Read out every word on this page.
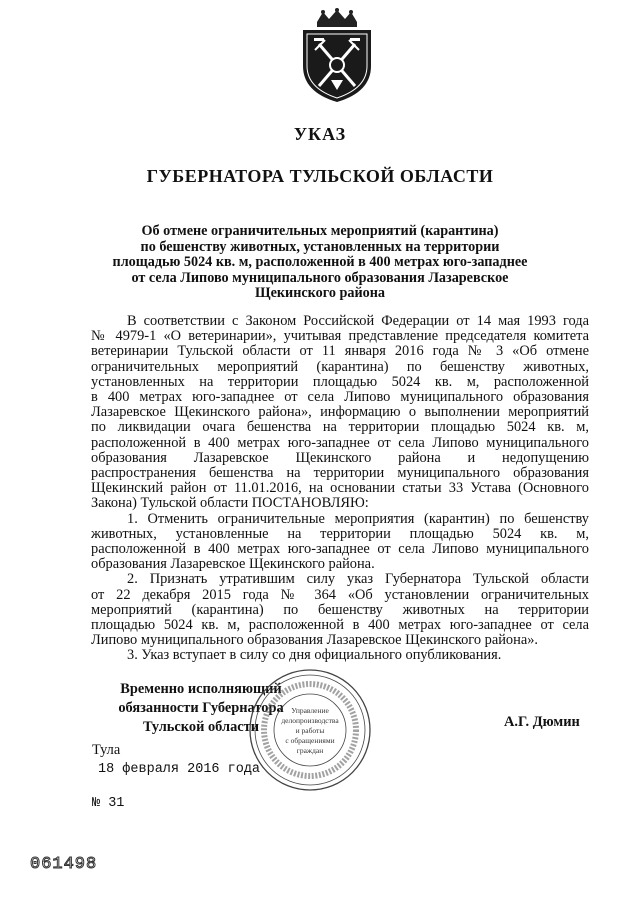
УКАЗ
ГУБЕРНАТОРА ТУЛЬСКОЙ ОБЛАСТИ
Об отмене ограничительных мероприятий (карантина)
по бешенству животных, установленных на территории
площадью 5024 кв. м, расположенной в 400 метрах юго-западнее
от села Липово муниципального образования Лазаревское
Щекинского района
В соответствии с Законом Российской Федерации от 14 мая 1993 года
№ 4979-1 «О ветеринарии», учитывая представление председателя комитета
ветеринарии Тульской области от 11 января 2016 года № 3 «Об отмене
ограничительных мероприятий (карантина) по бешенству животных,
установленных на территории площадью 5024 кв. м, расположенной
в 400 метрах юго-западнее от села Липово муниципального образования
Лазаревское Щекинского района», информацию о выполнении мероприятий
по ликвидации очага бешенства на территории площадью 5024 кв. м,
расположенной в 400 метрах юго-западнее от села Липово муниципального
образования Лазаревское Щекинского района и недопущению
распространения бешенства на территории муниципального образования
Щекинский район от 11.01.2016, на основании статьи 33 Устава (Основного
Закона) Тульской области ПОСТАНОВЛЯЮ:
1. Отменить ограничительные мероприятия (карантин) по бешенству
животных, установленные на территории площадью 5024 кв. м,
расположенной в 400 метрах юго-западнее от села Липово муниципального
образования Лазаревское Щекинского района.
2. Признать утратившим силу указ Губернатора Тульской области
от 22 декабря 2015 года № 364 «Об установлении ограничительных
мероприятий (карантина) по бешенству животных на территории
площадью 5024 кв. м, расположенной в 400 метрах юго-западнее от села
Липово муниципального образования Лазаревское Щекинского района».
3. Указ вступает в силу со дня официального опубликования.
Временно исполняющий
обязанности Губернатора
Тульской области
Управление
делопроизводства
и работы
с обращениями
граждан
А.Г. Дюмин
Тула
18 февраля 2016 года
№ 31
061498
